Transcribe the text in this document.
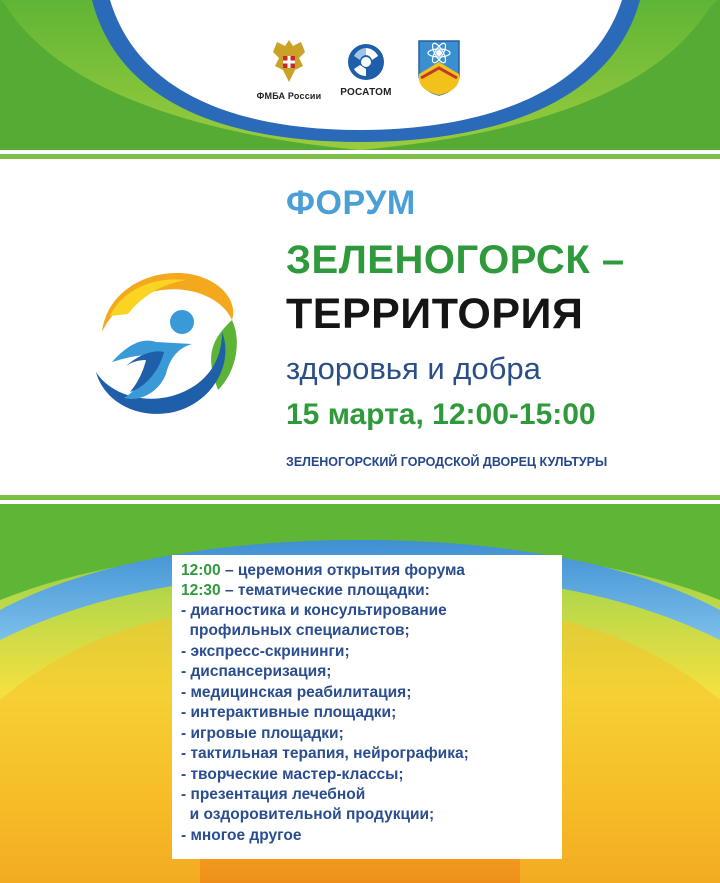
ФМБА России	РОСАТОМ
ФОРУМ
ЗЕЛЕНОГОРСК –
ТЕРРИТОРИЯ
здоровья и добра
15 марта, 12:00-15:00
ЗЕЛЕНОГОРСКИЙ ГОРОДСКОЙ ДВОРЕЦ КУЛЬТУРЫ
12:00 – церемония открытия форума
12:30 – тематические площадки:
- диагностика и консультирование
профильных специалистов;
- экспресс-скрининги;
- диспансеризация;
- медицинская реабилитация;
- интерактивные площадки;
- игровые площадки;
- тактильная терапия, нейрографика;
- творческие мастер-классы;
- презентация лечебной
и оздоровительной продукции;
- многое другое
